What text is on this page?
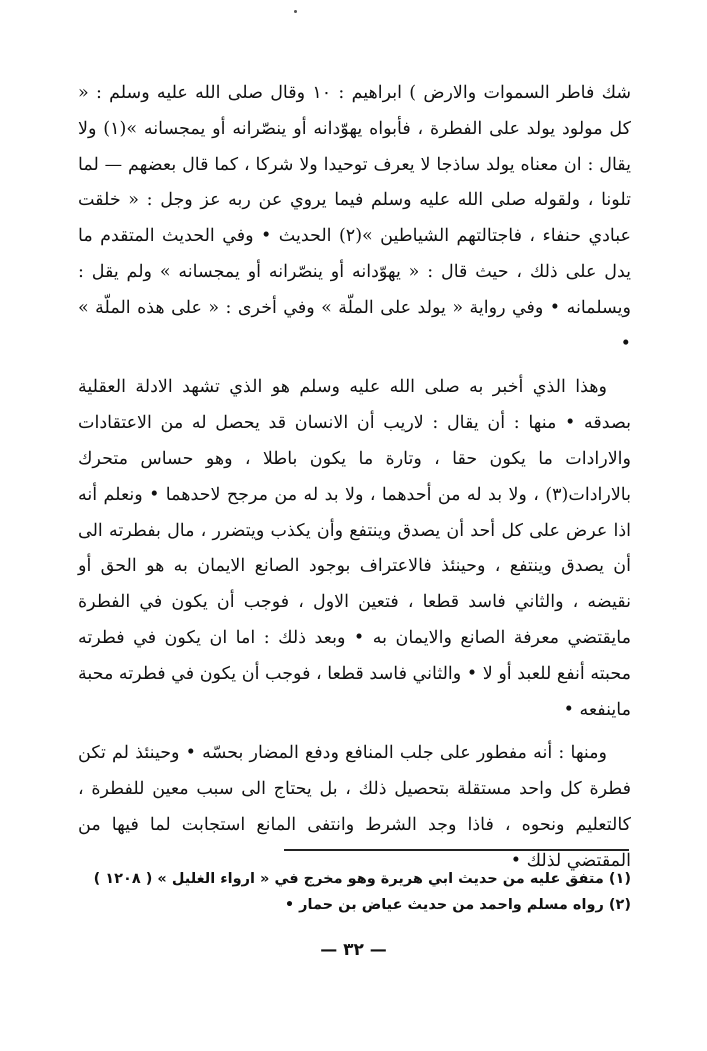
شك فاطر السموات والارض ) ابراهيم : ١٠ وقال صلى الله عليه وسلم : « كل مولود يولد على الفطرة ، فأبواه يهوّدانه أو ينصّرانه أو يمجسانه »(١) ولا يقال : ان معناه يولد ساذجا لا يعرف توحيدا ولا شركا ، كما قال بعضهم — لما تلونا ، ولقوله صلى الله عليه وسلم فيما يروي عن ربه عز وجل : « خلقت عبادي حنفاء ، فاجتالتهم الشياطين »(٢) الحديث • وفي الحديث المتقدم ما يدل على ذلك ، حيث قال : « يهوّدانه أو ينصّرانه أو يمجسانه » ولم يقل : ويسلمانه • وفي رواية « يولد على الملّة » وفي أخرى : « على هذه الملّة » •

وهذا الذي أخبر به صلى الله عليه وسلم هو الذي تشهد الادلة العقلية بصدقه • منها : أن يقال : لاريب أن الانسان قد يحصل له من الاعتقادات والارادات ما يكون حقا ، وتارة ما يكون باطلا ، وهو حساس متحرك بالارادات(٣) ، ولا بد له من أحدهما ، ولا بد له من مرجح لاحدهما • ونعلم أنه اذا عرض على كل أحد أن يصدق وينتفع وأن يكذب ويتضرر ، مال بفطرته الى أن يصدق وينتفع ، وحينئذ فالاعتراف بوجود الصانع الايمان به هو الحق أو نقيضه ، والثاني فاسد قطعا ، فتعين الاول ، فوجب أن يكون في الفطرة مايقتضي معرفة الصانع والايمان به • وبعد ذلك : اما ان يكون في فطرته محبته أنفع للعبد أو لا • والثاني فاسد قطعا ، فوجب أن يكون في فطرته محبة ماينفعه •

ومنها : أنه مفطور على جلب المنافع ودفع المضار بحسّه • وحينئذ لم تكن فطرة كل واحد مستقلة بتحصيل ذلك ، بل يحتاج الى سبب معين للفطرة ، كالتعليم ونحوه ، فاذا وجد الشرط وانتفى المانع استجابت لما فيها من المقتضي لذلك •

(١) متفق عليه من حديث ابي هريرة وهو مخرج في « ارواء الغليل » ( ١٢٠٨ )

(٢) رواه مسلم واحمد من حديث عياض بن حمار •

— ٣٢ —
